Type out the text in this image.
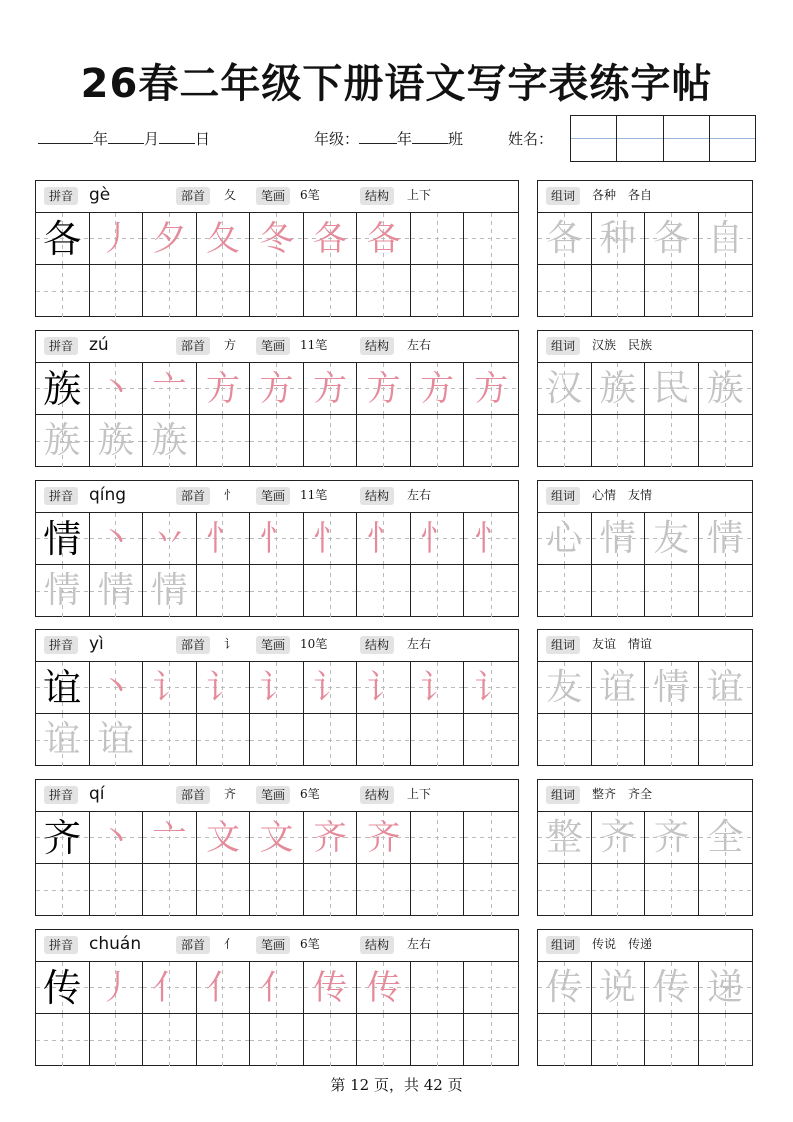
26春二年级下册语文写字表练字帖
年 月 日	年级：	年 班	姓名：
拼音 gè	部首	夂	笔画	6笔	结构	上下
各 丿 夕 夂 冬 各 各
组词	各种　各自
各 种 各 自
拼音 zú	部首	方	笔画	11笔	结构	左右
族 丶 亠 方 方 方 方 方 方
族 族 族
组词	汉族　民族
汉 族 民 族
拼音 qíng	部首	忄	笔画	11笔	结构	左右
情 丶 丷 忄 忄 忄 忄 忄 忄
情 情 情
组词	心情　友情
心 情 友 情
拼音 yì	部首	讠	笔画	10笔	结构	左右
谊 丶 讠 讠 讠 讠 讠 讠 讠
谊 谊
组词	友谊　情谊
友 谊 情 谊
拼音 qí	部首	齐	笔画	6笔	结构	上下
齐 丶 亠 文 文 齐 齐
组词	整齐　齐全
整 齐 齐 全
拼音 chuán	部首	亻	笔画	6笔	结构	左右
传 丿 亻 亻 亻 传 传
组词	传说　传递
传 说 传 递
第 12 页，共 42 页
